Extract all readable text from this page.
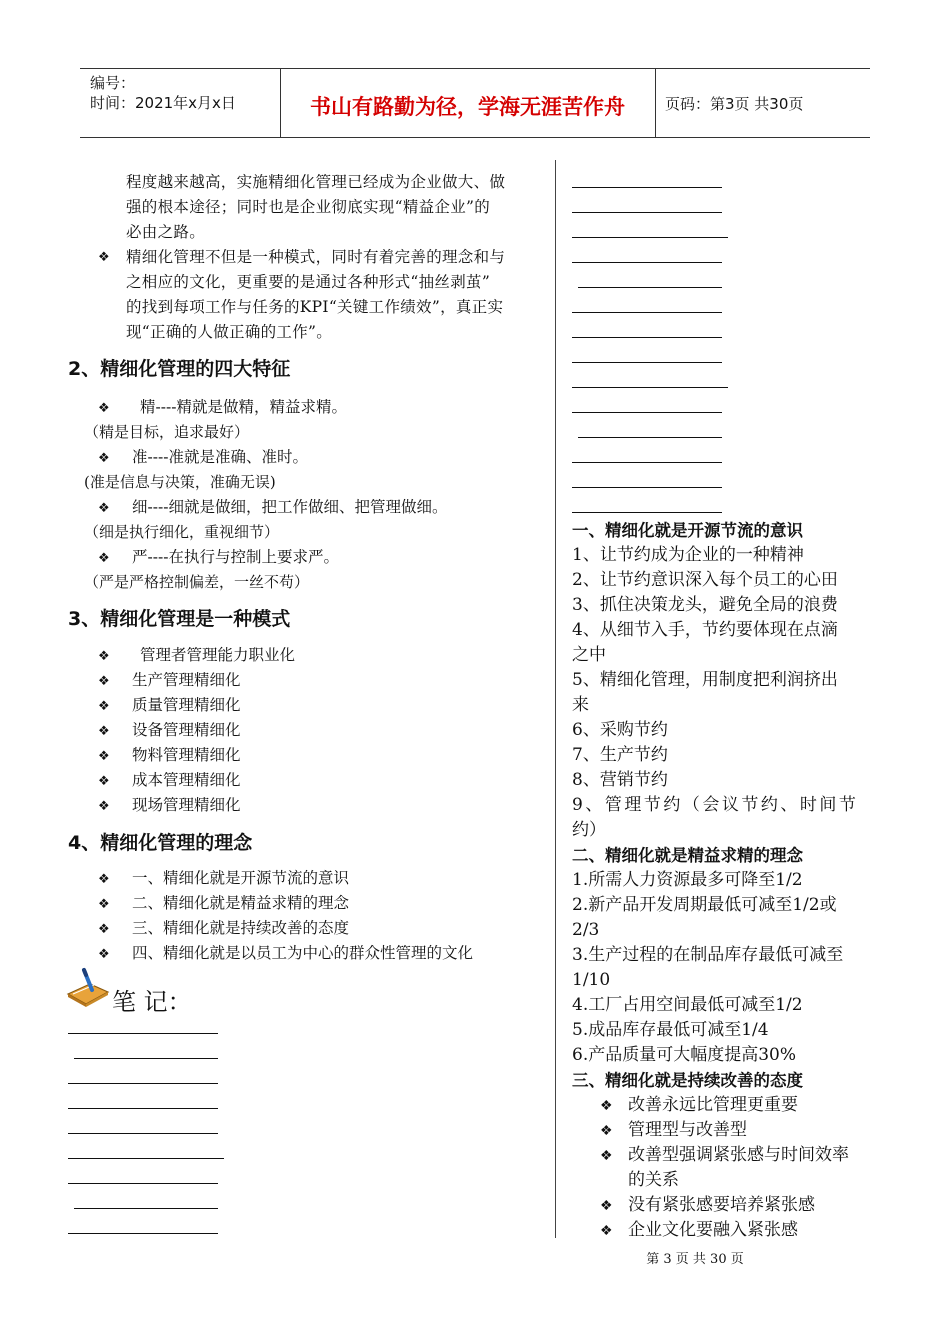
编号：
时间：2021年x月x日	书山有路勤为径，学海无涯苦作舟	页码：第3页 共30页
程度越来越高，实施精细化管理已经成为企业做大、做
强的根本途径；同时也是企业彻底实现“精益企业”的
必由之路。
❖ 精细化管理不但是一种模式，同时有着完善的理念和与
之相应的文化，更重要的是通过各种形式“抽丝剥茧”
的找到每项工作与任务的KPI“关键工作绩效”，真正实
现“正确的人做正确的工作”。
2、精细化管理的四大特征
❖ 精----精就是做精，精益求精。
（精是目标，追求最好）
❖ 准----准就是准确、准时。
(准是信息与决策，准确无误)
❖ 细----细就是做细，把工作做细、把管理做细。
（细是执行细化，重视细节）
❖ 严----在执行与控制上要求严。
（严是严格控制偏差，一丝不苟）
3、精细化管理是一种模式
❖ 管理者管理能力职业化
❖ 生产管理精细化
❖ 质量管理精细化
❖ 设备管理精细化
❖ 物料管理精细化
❖ 成本管理精细化
❖ 现场管理精细化
4、精细化管理的理念
❖ 一、精细化就是开源节流的意识
❖ 二、精细化就是精益求精的理念
❖ 三、精细化就是持续改善的态度
❖ 四、精细化就是以员工为中心的群众性管理的文化
笔 记：
一、精细化就是开源节流的意识
1、让节约成为企业的一种精神
2、让节约意识深入每个员工的心田
3、抓住决策龙头，避免全局的浪费
4、从细节入手，节约要体现在点滴
之中
5、精细化管理，用制度把利润挤出
来
6、采购节约
7、生产节约
8、营销节约
9、管理节约（会议节约、时间节
约）
二、精细化就是精益求精的理念
1.所需人力资源最多可降至1/2
2.新产品开发周期最低可减至1/2或
2/3
3.生产过程的在制品库存最低可减至
1/10
4.工厂占用空间最低可减至1/2
5.成品库存最低可减至1/4
6.产品质量可大幅度提高30%
三、精细化就是持续改善的态度
❖ 改善永远比管理更重要
❖ 管理型与改善型
❖ 改善型强调紧张感与时间效率
的关系
❖ 没有紧张感要培养紧张感
❖ 企业文化要融入紧张感
第 3 页 共 30 页
